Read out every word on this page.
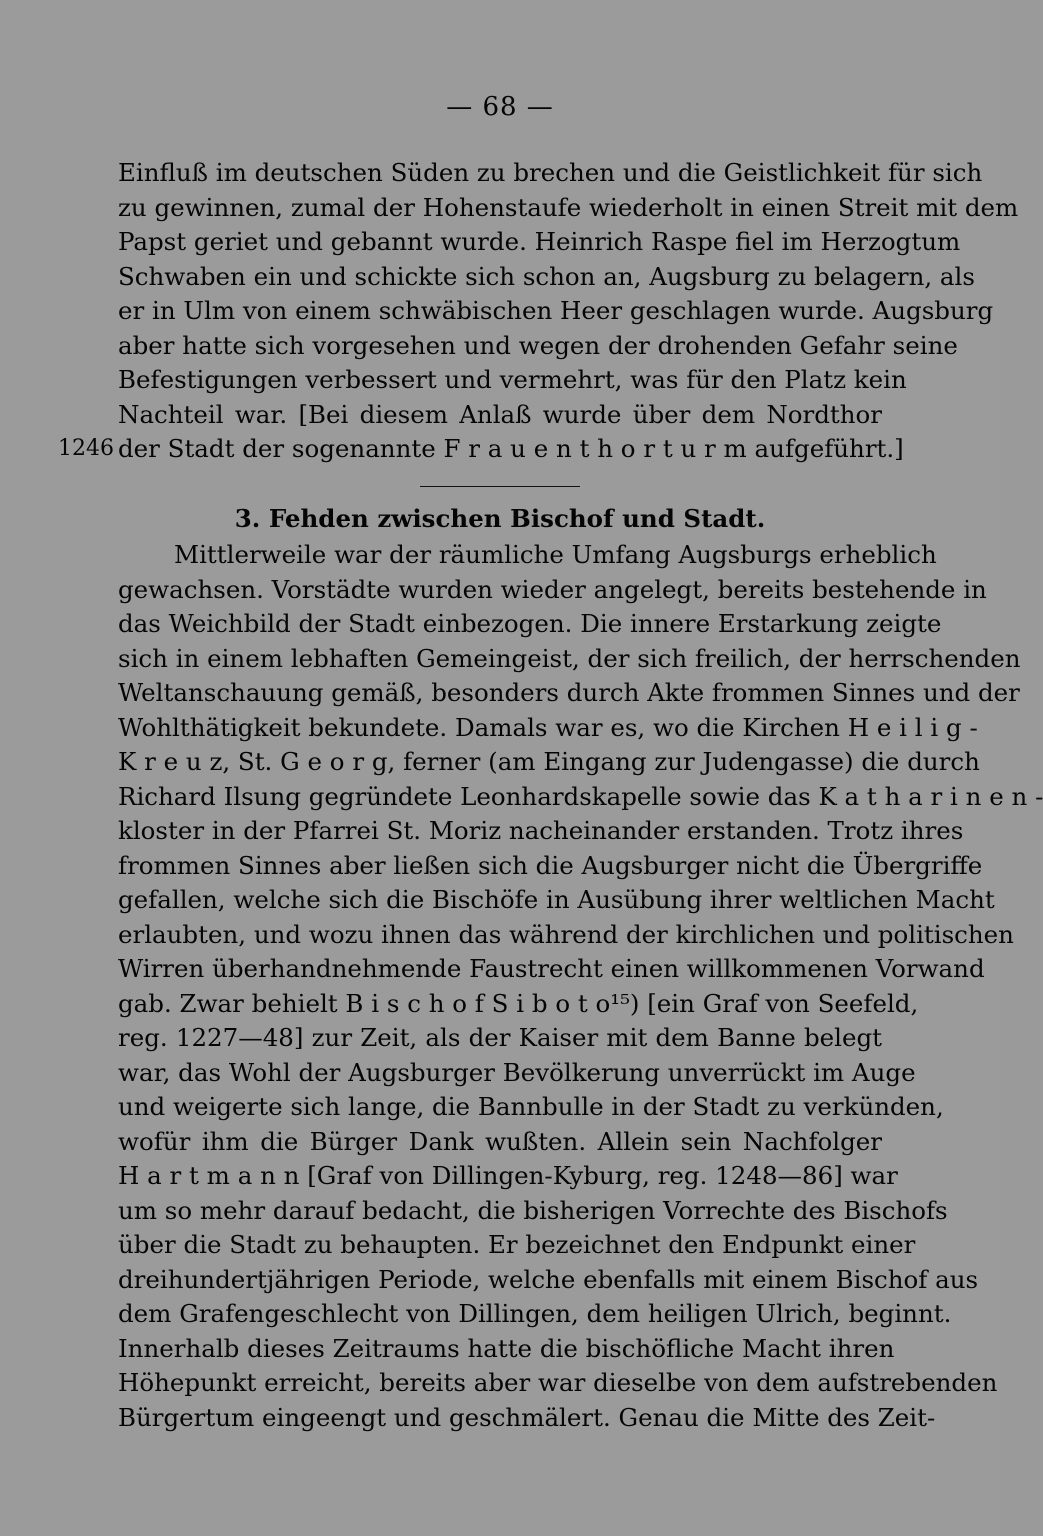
— 68 —
Einfluß im deutschen Süden zu brechen und die Geistlichkeit für sich
zu gewinnen, zumal der Hohenstaufe wiederholt in einen Streit mit dem
Papst geriet und gebannt wurde. Heinrich Raspe fiel im Herzogtum
Schwaben ein und schickte sich schon an, Augsburg zu belagern, als
er in Ulm von einem schwäbischen Heer geschlagen wurde. Augsburg
aber hatte sich vorgesehen und wegen der drohenden Gefahr seine
Befestigungen verbessert und vermehrt, was für den Platz kein
Nachteil war. [Bei diesem Anlaß wurde über dem Nordthor
der Stadt der sogenannte F r a u e n t h o r t u r m aufgeführt.]
1246
3. Fehden zwischen Bischof und Stadt.
Mittlerweile war der räumliche Umfang Augsburgs erheblich
gewachsen. Vorstädte wurden wieder angelegt, bereits bestehende in
das Weichbild der Stadt einbezogen. Die innere Erstarkung zeigte
sich in einem lebhaften Gemeingeist, der sich freilich, der herrschenden
Weltanschauung gemäß, besonders durch Akte frommen Sinnes und der
Wohlthätigkeit bekundete. Damals war es, wo die Kirchen H e i l i g -
K r e u z, St. G e o r g, ferner (am Eingang zur Judengasse) die durch
Richard Ilsung gegründete Leonhardskapelle sowie das K a t h a r i n e n -
kloster in der Pfarrei St. Moriz nacheinander erstanden. Trotz ihres
frommen Sinnes aber ließen sich die Augsburger nicht die Übergriffe
gefallen, welche sich die Bischöfe in Ausübung ihrer weltlichen Macht
erlaubten, und wozu ihnen das während der kirchlichen und politischen
Wirren überhandnehmende Faustrecht einen willkommenen Vorwand
gab. Zwar behielt B i s c h o f S i b o t o¹⁵) [ein Graf von Seefeld,
reg. 1227—48] zur Zeit, als der Kaiser mit dem Banne belegt
war, das Wohl der Augsburger Bevölkerung unverrückt im Auge
und weigerte sich lange, die Bannbulle in der Stadt zu verkünden,
wofür ihm die Bürger Dank wußten. Allein sein Nachfolger
H a r t m a n n [Graf von Dillingen-Kyburg, reg. 1248—86] war
um so mehr darauf bedacht, die bisherigen Vorrechte des Bischofs
über die Stadt zu behaupten. Er bezeichnet den Endpunkt einer
dreihundertjährigen Periode, welche ebenfalls mit einem Bischof aus
dem Grafengeschlecht von Dillingen, dem heiligen Ulrich, beginnt.
Innerhalb dieses Zeitraums hatte die bischöfliche Macht ihren
Höhepunkt erreicht, bereits aber war dieselbe von dem aufstrebenden
Bürgertum eingeengt und geschmälert. Genau die Mitte des Zeit-
